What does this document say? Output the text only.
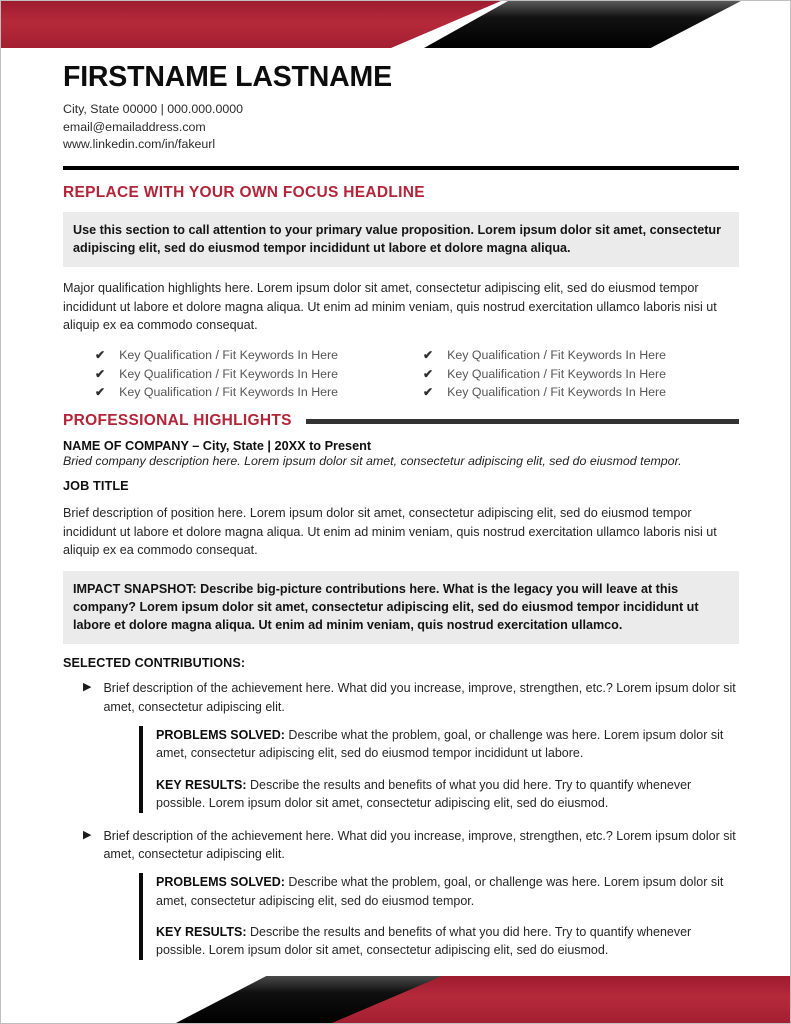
FIRSTNAME LASTNAME
City, State 00000 | 000.000.0000
email@emailaddress.com
www.linkedin.com/in/fakeurl
REPLACE WITH YOUR OWN FOCUS HEADLINE

Use this section to call attention to your primary value proposition. Lorem ipsum dolor sit amet, consectetur adipiscing elit, sed do eiusmod tempor incididunt ut labore et dolore magna aliqua.

Major qualification highlights here. Lorem ipsum dolor sit amet, consectetur adipiscing elit, sed do eiusmod tempor incididunt ut labore et dolore magna aliqua. Ut enim ad minim veniam, quis nostrud exercitation ullamco laboris nisi ut aliquip ex ea commodo consequat.

✔ Key Qualification / Fit Keywords In Here
✔ Key Qualification / Fit Keywords In Here
✔ Key Qualification / Fit Keywords In Here
✔ Key Qualification / Fit Keywords In Here
✔ Key Qualification / Fit Keywords In Here
✔ Key Qualification / Fit Keywords In Here
PROFESSIONAL HIGHLIGHTS

NAME OF COMPANY – City, State | 20XX to Present

Bried company description here. Lorem ipsum dolor sit amet, consectetur adipiscing elit, sed do eiusmod tempor.

JOB TITLE

Brief description of position here. Lorem ipsum dolor sit amet, consectetur adipiscing elit, sed do eiusmod tempor incididunt ut labore et dolore magna aliqua. Ut enim ad minim veniam, quis nostrud exercitation ullamco laboris nisi ut aliquip ex ea commodo consequat.

IMPACT SNAPSHOT: Describe big-picture contributions here. What is the legacy you will leave at this company? Lorem ipsum dolor sit amet, consectetur adipiscing elit, sed do eiusmod tempor incididunt ut labore et dolore magna aliqua. Ut enim ad minim veniam, quis nostrud exercitation ullamco.

SELECTED CONTRIBUTIONS:

▶ Brief description of the achievement here. What did you increase, improve, strengthen, etc.? Lorem ipsum dolor sit amet, consectetur adipiscing elit.

PROBLEMS SOLVED: Describe what the problem, goal, or challenge was here. Lorem ipsum dolor sit amet, consectetur adipiscing elit, sed do eiusmod tempor incididunt ut labore.

KEY RESULTS: Describe the results and benefits of what you did here. Try to quantify whenever possible. Lorem ipsum dolor sit amet, consectetur adipiscing elit, sed do eiusmod.

▶ Brief description of the achievement here. What did you increase, improve, strengthen, etc.? Lorem ipsum dolor sit amet, consectetur adipiscing elit.

PROBLEMS SOLVED: Describe what the problem, goal, or challenge was here. Lorem ipsum dolor sit amet, consectetur adipiscing elit, sed do eiusmod tempor.

KEY RESULTS: Describe the results and benefits of what you did here. Try to quantify whenever possible. Lorem ipsum dolor sit amet, consectetur adipiscing elit, sed do eiusmod.
